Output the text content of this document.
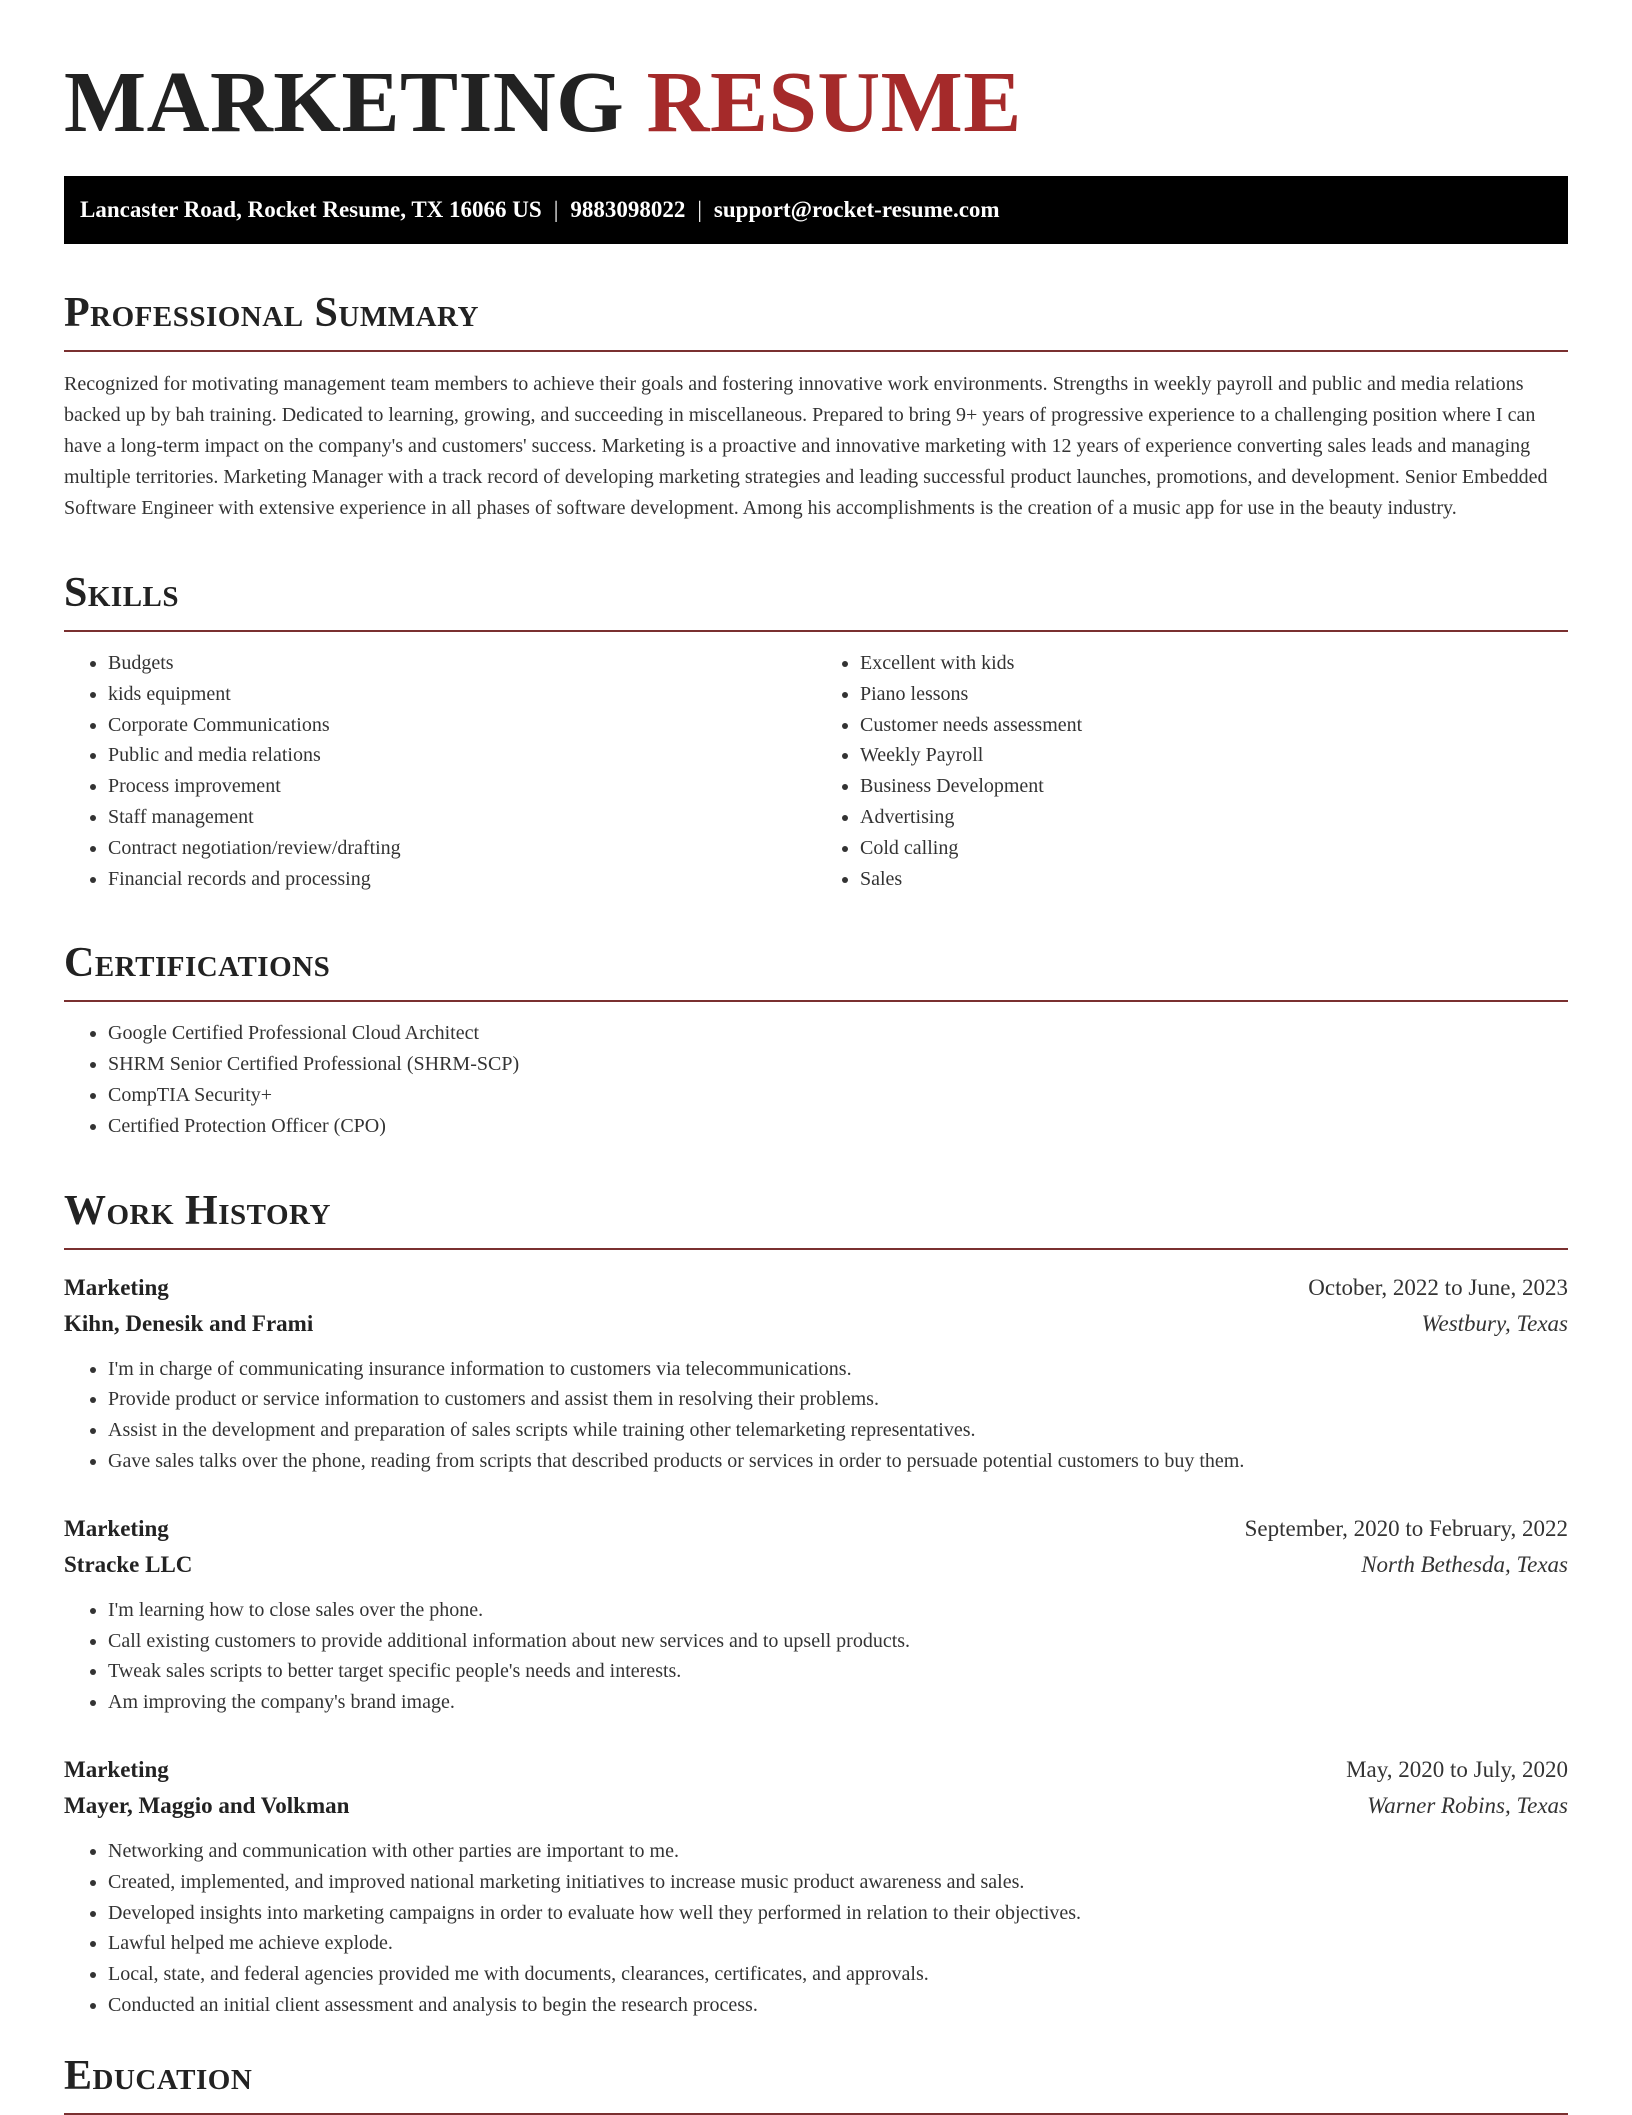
MARKETING RESUME
Lancaster Road, Rocket Resume, TX 16066 US | 9883098022 | support@rocket-resume.com
Professional Summary

Recognized for motivating management team members to achieve their goals and fostering innovative work environments. Strengths in weekly payroll and public and media relations backed up by bah training. Dedicated to learning, growing, and succeeding in miscellaneous. Prepared to bring 9+ years of progressive experience to a challenging position where I can have a long-term impact on the company's and customers' success. Marketing is a proactive and innovative marketing with 12 years of experience converting sales leads and managing multiple territories. Marketing Manager with a track record of developing marketing strategies and leading successful product launches, promotions, and development. Senior Embedded Software Engineer with extensive experience in all phases of software development. Among his accomplishments is the creation of a music app for use in the beauty industry.

Skills
• Budgets
• kids equipment
• Corporate Communications
• Public and media relations
• Process improvement
• Staff management
• Contract negotiation/review/drafting
• Financial records and processing
• Excellent with kids
• Piano lessons
• Customer needs assessment
• Weekly Payroll
• Business Development
• Advertising
• Cold calling
• Sales
Certifications
• Google Certified Professional Cloud Architect
• SHRM Senior Certified Professional (SHRM-SCP)
• CompTIA Security+
• Certified Protection Officer (CPO)
Work History
Marketing	October, 2022 to June, 2023
Kihn, Denesik and Frami	Westbury, Texas
• I'm in charge of communicating insurance information to customers via telecommunications.
• Provide product or service information to customers and assist them in resolving their problems.
• Assist in the development and preparation of sales scripts while training other telemarketing representatives.
• Gave sales talks over the phone, reading from scripts that described products or services in order to persuade potential customers to buy them.
Marketing	September, 2020 to February, 2022
Stracke LLC	North Bethesda, Texas
• I'm learning how to close sales over the phone.
• Call existing customers to provide additional information about new services and to upsell products.
• Tweak sales scripts to better target specific people's needs and interests.
• Am improving the company's brand image.
Marketing	May, 2020 to July, 2020
Mayer, Maggio and Volkman	Warner Robins, Texas
• Networking and communication with other parties are important to me.
• Created, implemented, and improved national marketing initiatives to increase music product awareness and sales.
• Developed insights into marketing campaigns in order to evaluate how well they performed in relation to their objectives.
• Lawful helped me achieve explode.
• Local, state, and federal agencies provided me with documents, clearances, certificates, and approvals.
• Conducted an initial client assessment and analysis to begin the research process.
Education
